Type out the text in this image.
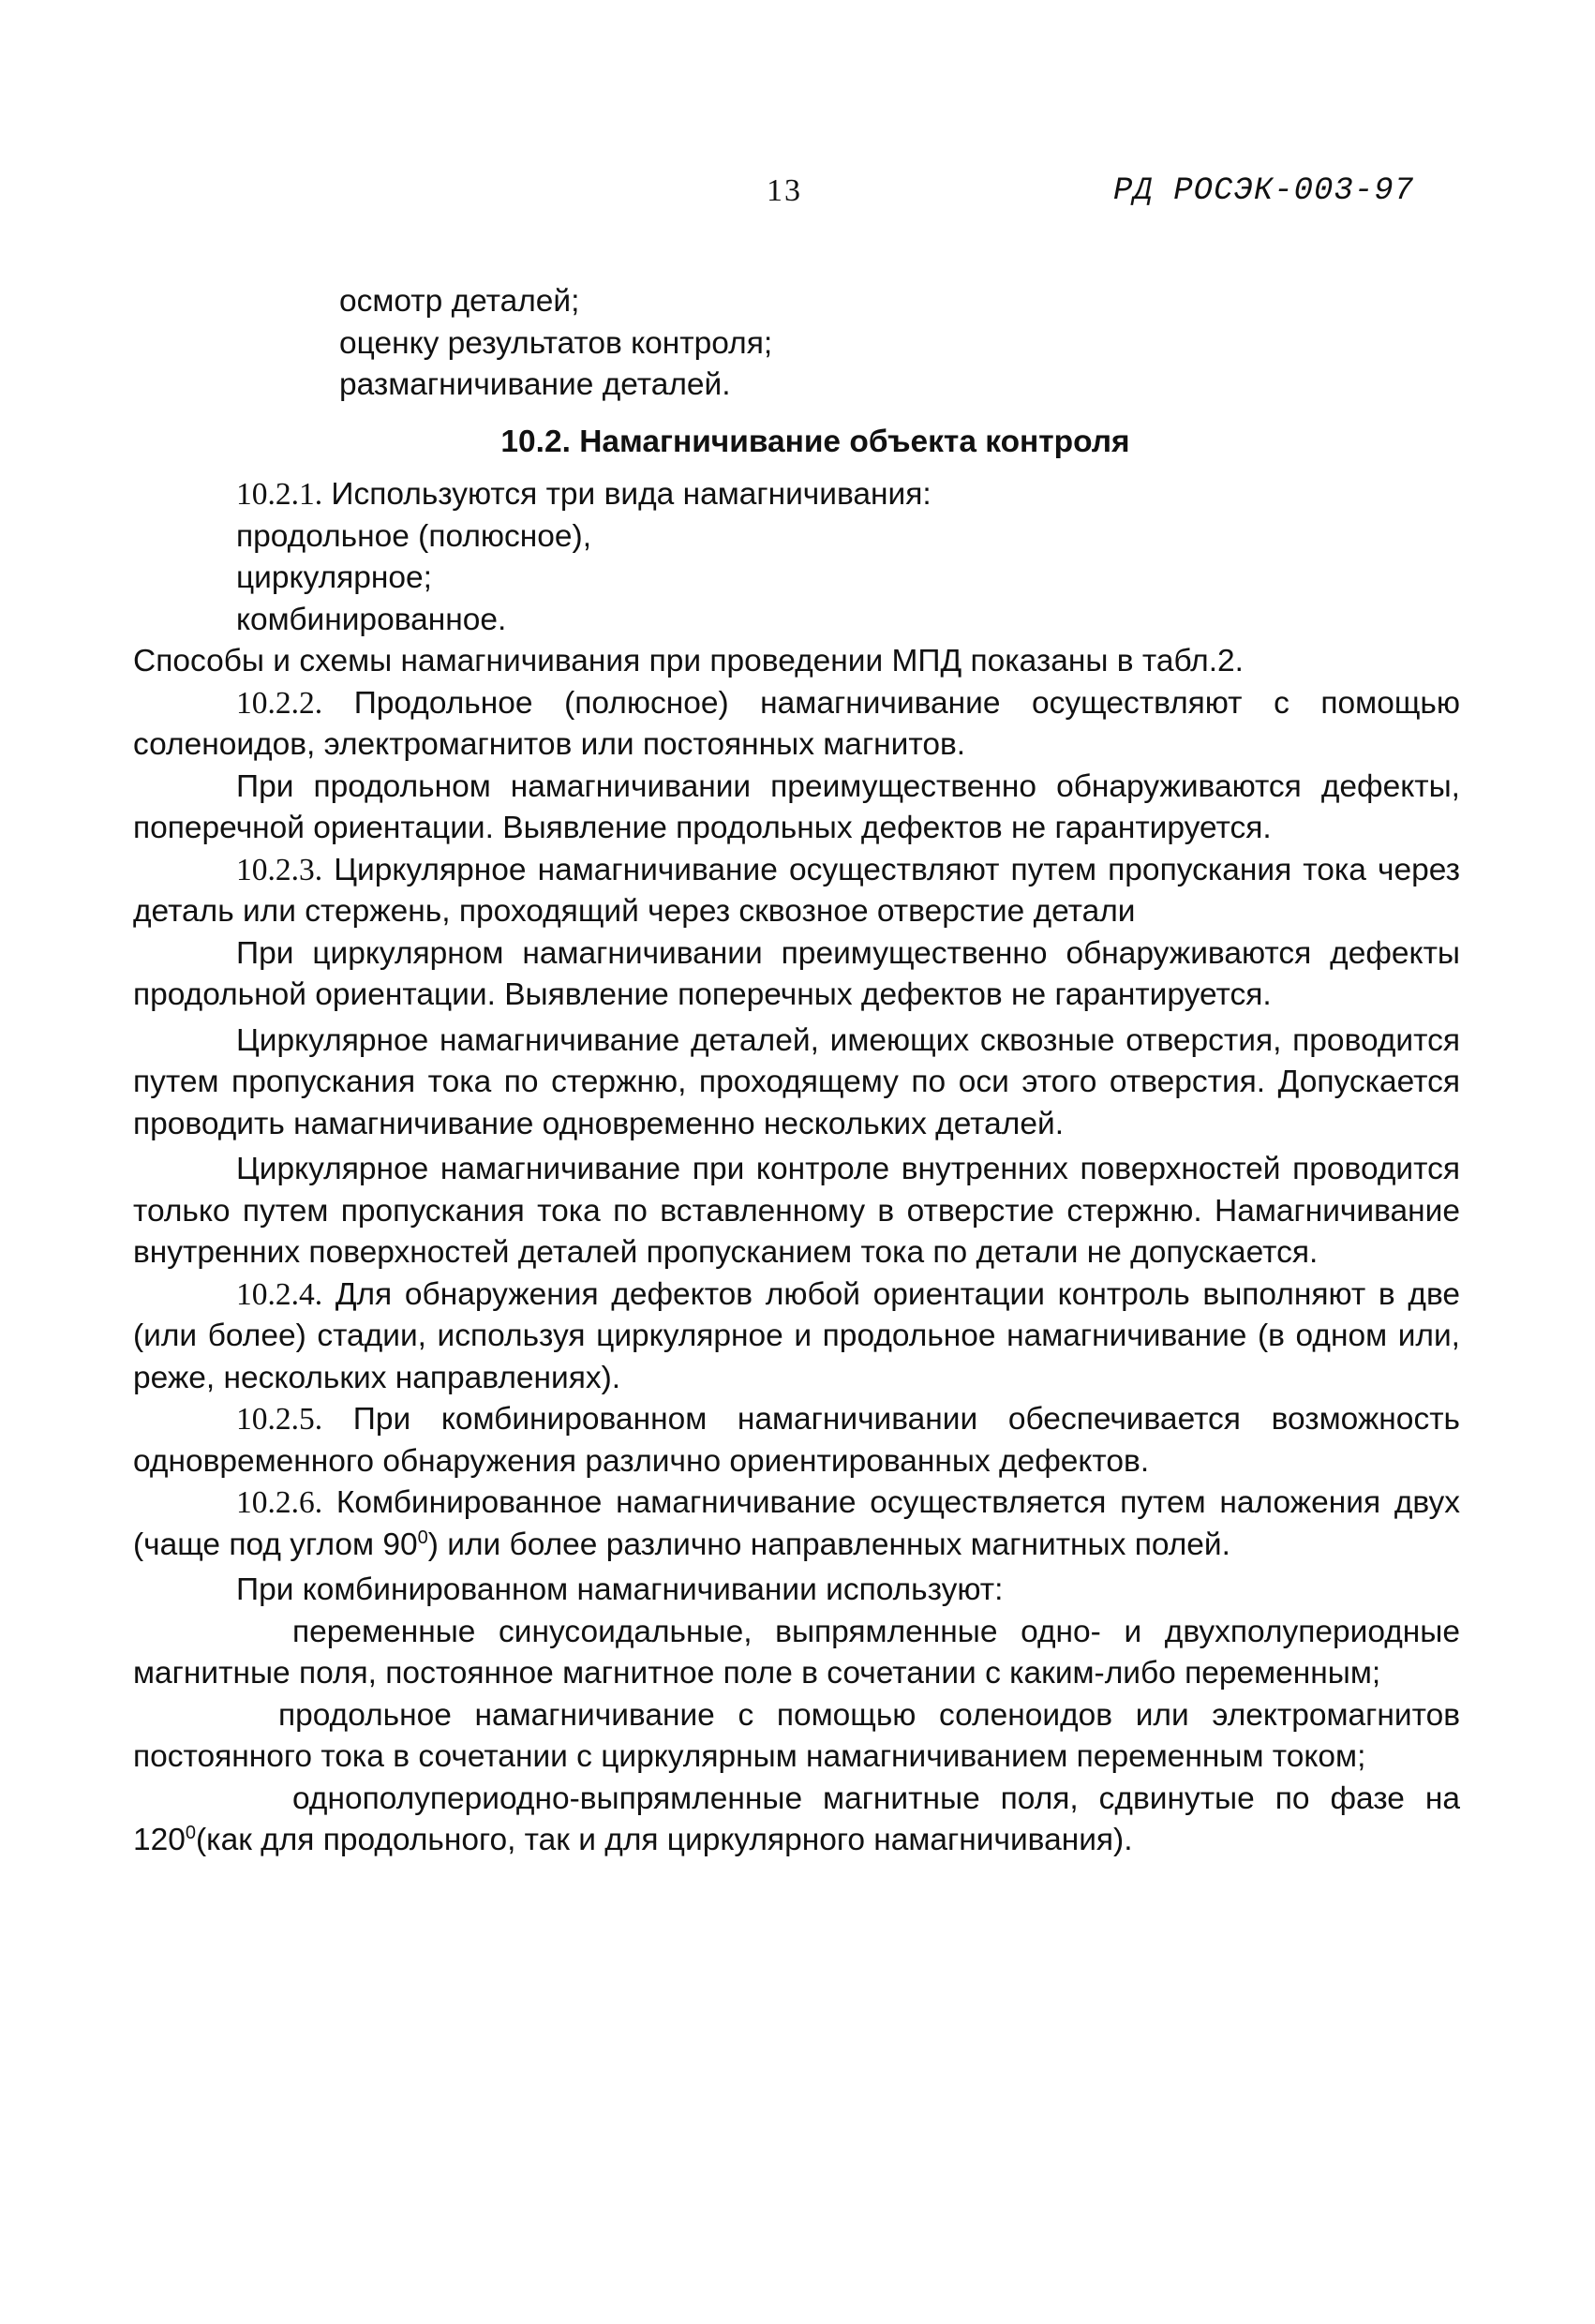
13	РД РОСЭК-003-97

осмотр деталей;

оценку результатов контроля;

размагничивание деталей.

10.2. Намагничивание объекта контроля

10.2.1. Используются три вида намагничивания:

продольное (полюсное),

циркулярное;

комбинированное.

Способы и схемы намагничивания при проведении МПД показаны в табл.2.

10.2.2. Продольное (полюсное) намагничивание осуществляют с помощью соленоидов, электромагнитов или постоянных магнитов.

При продольном намагничивании преимущественно обнаруживаются дефекты, поперечной ориентации. Выявление продольных дефектов не гарантируется.

10.2.3. Циркулярное намагничивание осуществляют путем пропускания тока через деталь или стержень, проходящий через сквозное отверстие детали

При циркулярном намагничивании преимущественно обнаруживаются дефекты продольной ориентации. Выявление поперечных дефектов не гарантируется.

Циркулярное намагничивание деталей, имеющих сквозные отверстия, проводится путем пропускания тока по стержню, проходящему по оси этого отверстия. Допускается проводить намагничивание одновременно нескольких деталей.

Циркулярное намагничивание при контроле внутренних поверхностей проводится только путем пропускания тока по вставленному в отверстие стержню. Намагничивание внутренних поверхностей деталей пропусканием тока по детали не допускается.

10.2.4. Для обнаружения дефектов любой ориентации контроль выполняют в две (или более) стадии, используя циркулярное и продольное намагничивание (в одном или, реже, нескольких направлениях).

10.2.5. При комбинированном намагничивании обеспечивается возможность одновременного обнаружения различно ориентированных дефектов.

10.2.6. Комбинированное намагничивание осуществляется путем наложения двух (чаще под углом $90^0$) или более различно направленных магнитных полей.

При комбинированном намагничивании используют:

переменные синусоидальные, выпрямленные одно- и двухполупериодные магнитные поля, постоянное магнитное поле в сочетании с каким-либо переменным;

продольное намагничивание с помощью соленоидов или электромагнитов постоянного тока в сочетании с циркулярным намагничиванием переменным током;

однополупериодно-выпрямленные магнитные поля, сдвинутые по фазе на $120^0(как$ для продольного, так и для циркулярного намагничивания).
